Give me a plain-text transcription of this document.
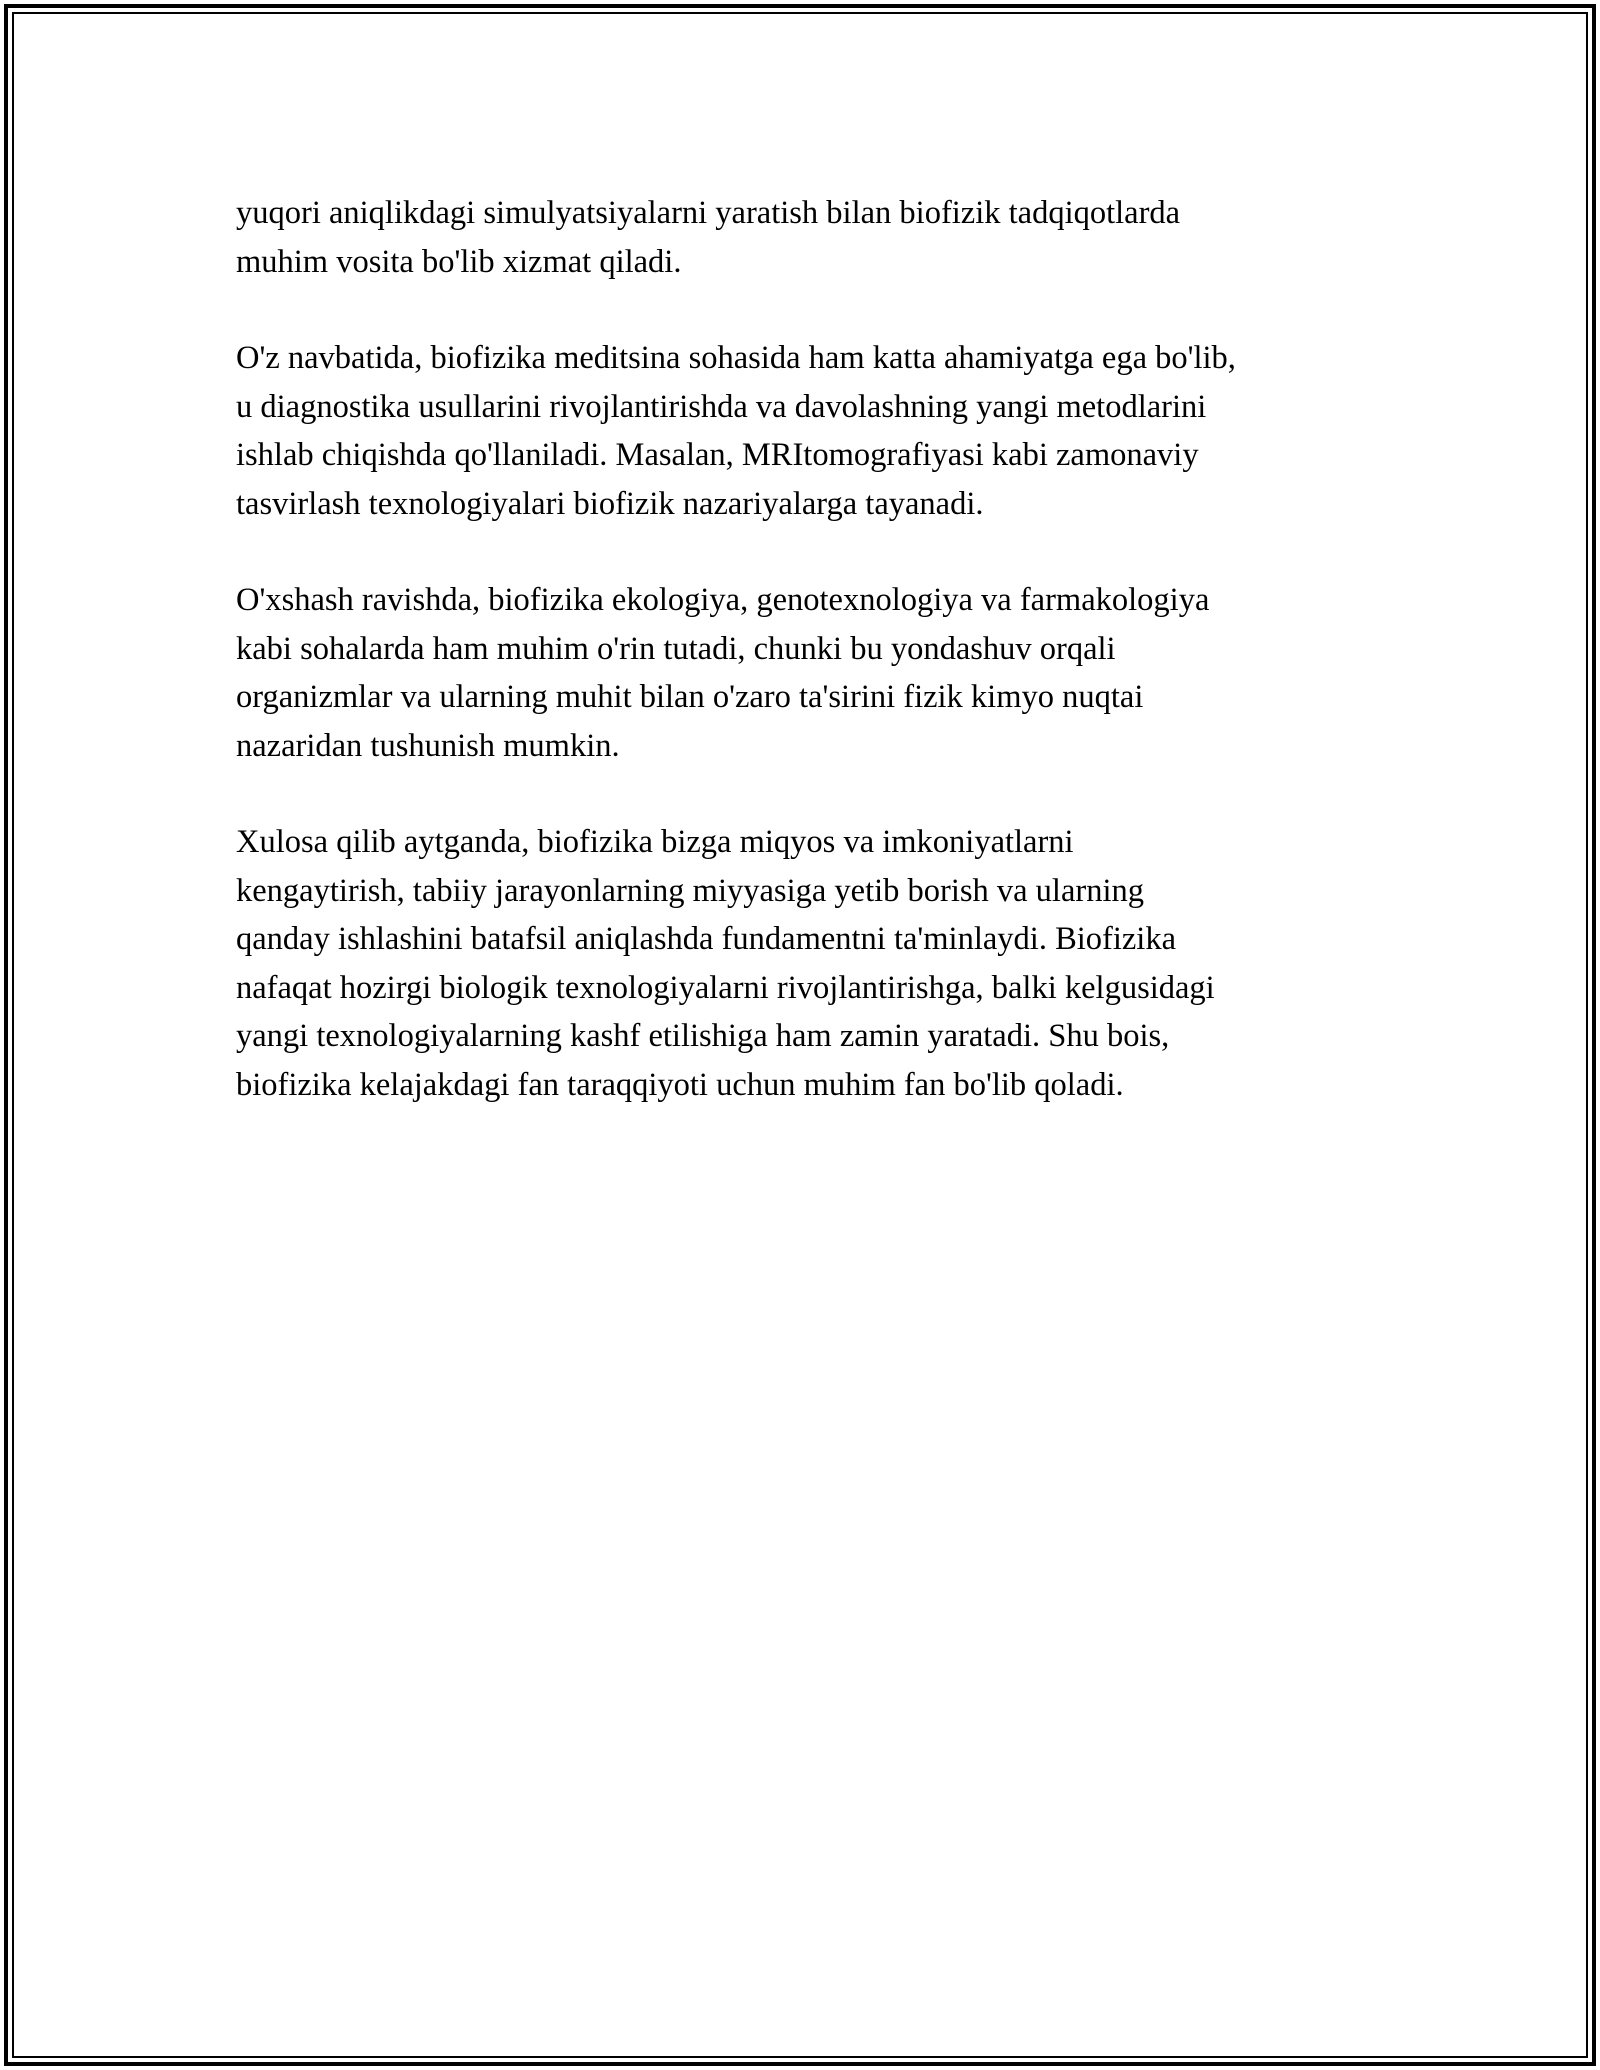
yuqori aniqlikdagi simulyatsiyalarni yaratish bilan biofizik tadqiqotlarda
muhim vosita bo'lib xizmat qiladi.

O'z navbatida, biofizika meditsina sohasida ham katta ahamiyatga ega bo'lib,
u diagnostika usullarini rivojlantirishda va davolashning yangi metodlarini
ishlab chiqishda qo'llaniladi. Masalan, MRItomografiyasi kabi zamonaviy
tasvirlash texnologiyalari biofizik nazariyalarga tayanadi.

O'xshash ravishda, biofizika ekologiya, genotexnologiya va farmakologiya
kabi sohalarda ham muhim o'rin tutadi, chunki bu yondashuv orqali
organizmlar va ularning muhit bilan o'zaro ta'sirini fizik kimyo nuqtai
nazaridan tushunish mumkin.

Xulosa qilib aytganda, biofizika bizga miqyos va imkoniyatlarni
kengaytirish, tabiiy jarayonlarning miyyasiga yetib borish va ularning
qanday ishlashini batafsil aniqlashda fundamentni ta'minlaydi. Biofizika
nafaqat hozirgi biologik texnologiyalarni rivojlantirishga, balki kelgusidagi
yangi texnologiyalarning kashf etilishiga ham zamin yaratadi. Shu bois,
biofizika kelajakdagi fan taraqqiyoti uchun muhim fan bo'lib qoladi.
